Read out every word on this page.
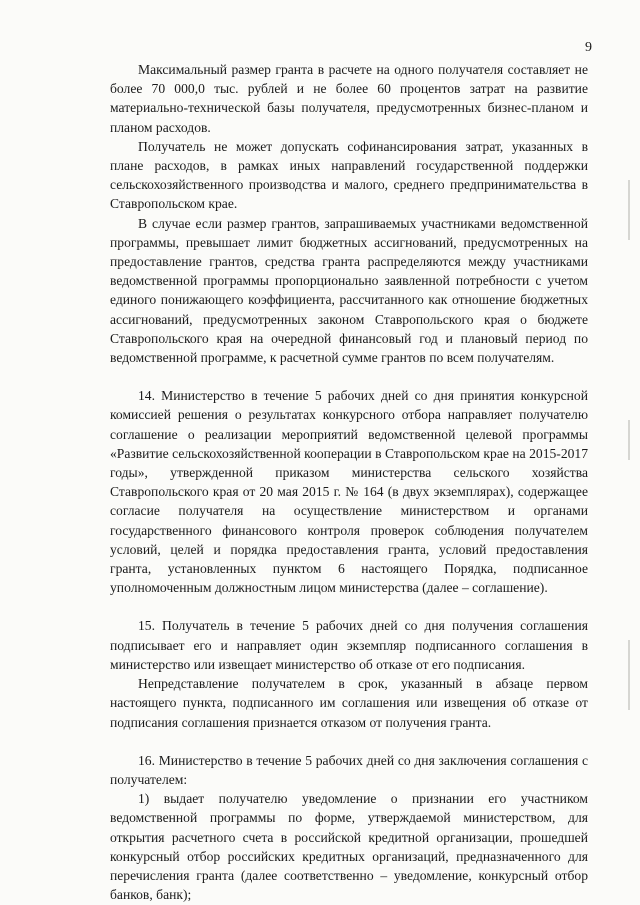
9

Максимальный размер гранта в расчете на одного получателя составляет не более 70 000,0 тыс. рублей и не более 60 процентов затрат на развитие материально-технической базы получателя, предусмотренных бизнес-планом и планом расходов.

Получатель не может допускать софинансирования затрат, указанных в плане расходов, в рамках иных направлений государственной поддержки сельскохозяйственного производства и малого, среднего предпринимательства в Ставропольском крае.

В случае если размер грантов, запрашиваемых участниками ведомственной программы, превышает лимит бюджетных ассигнований, предусмотренных на предоставление грантов, средства гранта распределяются между участниками ведомственной программы пропорционально заявленной потребности с учетом единого понижающего коэффициента, рассчитанного как отношение бюджетных ассигнований, предусмотренных законом Ставропольского края о бюджете Ставропольского края на очередной финансовый год и плановый период по ведомственной программе, к расчетной сумме грантов по всем получателям.

14. Министерство в течение 5 рабочих дней со дня принятия конкурсной комиссией решения о результатах конкурсного отбора направляет получателю соглашение о реализации мероприятий ведомственной целевой программы «Развитие сельскохозяйственной кооперации в Ставропольском крае на 2015-2017 годы», утвержденной приказом министерства сельского хозяйства Ставропольского края от 20 мая 2015 г. № 164 (в двух экземплярах), содержащее согласие получателя на осуществление министерством и органами государственного финансового контроля проверок соблюдения получателем условий, целей и порядка предоставления гранта, условий предоставления гранта, установленных пунктом 6 настоящего Порядка, подписанное уполномоченным должностным лицом министерства (далее – соглашение).

15. Получатель в течение 5 рабочих дней со дня получения соглашения подписывает его и направляет один экземпляр подписанного соглашения в министерство или извещает министерство об отказе от его подписания.

Непредставление получателем в срок, указанный в абзаце первом настоящего пункта, подписанного им соглашения или извещения об отказе от подписания соглашения признается отказом от получения гранта.

16. Министерство в течение 5 рабочих дней со дня заключения соглашения с получателем:

1) выдает получателю уведомление о признании его участником ведомственной программы по форме, утверждаемой министерством, для открытия расчетного счета в российской кредитной организации, прошедшей конкурсный отбор российских кредитных организаций, предназначенного для перечисления гранта (далее соответственно – уведомление, конкурсный отбор банков, банк);
